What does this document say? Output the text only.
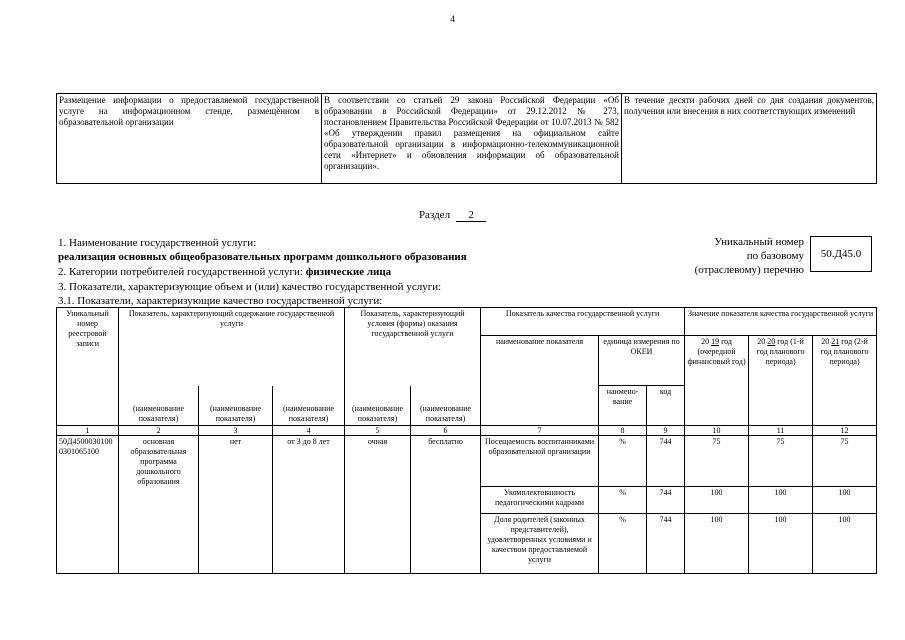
4
Размещение информации о предоставляемой государственной услуге на информационном стенде, размещённом в образовательной организации	В соответствии со статьей 29 закона Российской Федерации «Об образовании в Российской Федерации» от 29.12.2012 № 273, постановлением Правительства Российской Федерации от 10.07.2013 № 582 «Об утверждении правил размещения на официальном сайте образовательной организации в информационно-телекоммуникационной сети «Интернет» и обновления информации об образовательной организации».	В течение десяти рабочих дней со дня создания документов, получения или внесения в них соответствующих изменений
Раздел 2
1. Наименование государственной услуги:
реализация основных общеобразовательных программ дошкольного образования
2. Категории потребителей государственной услуги: физические лица
3. Показатели, характеризующие объем и (или) качество государственной услуги:
3.1. Показатели, характеризующие качество государственной услуги:
Уникальный номер
по базовому
(отраслевому) перечню
50.Д45.0
Уникальный номер реестровой записи	Показатель, характеризующий содержание государственной услуги			Показатель, характеризующий условия (формы) оказания государственной услуги		Показатель качества государственной услуги			Значение показателя качества государственной услуги		
						наименование показателя	единица измерения по ОКЕИ		20 19 год (очередной финансовый год)	20 20 год (1-й год планового периода)	20 21 год (2-й год планового периода)
	(наименование показателя)	(наименование показателя)	(наименование показателя)	(наименование показателя)	(наименование показателя)		наимено-вание	код			
1	2	3	4	5	6	7	8	9	10	11	12
50Д45000301000301065100	основная образовательная программа дошкольного образования	нет	от 3 до 8 лет	очная	бесплатно	Посещаемость воспитанниками образовательной организации	%	744	75	75	75
						Укомплектованность педагогическими кадрами	%	744	100	100	100
						Доля родителей (законных представителей), удовлетворенных условиями и качеством предоставляемой услуги	%	744	100	100	100
